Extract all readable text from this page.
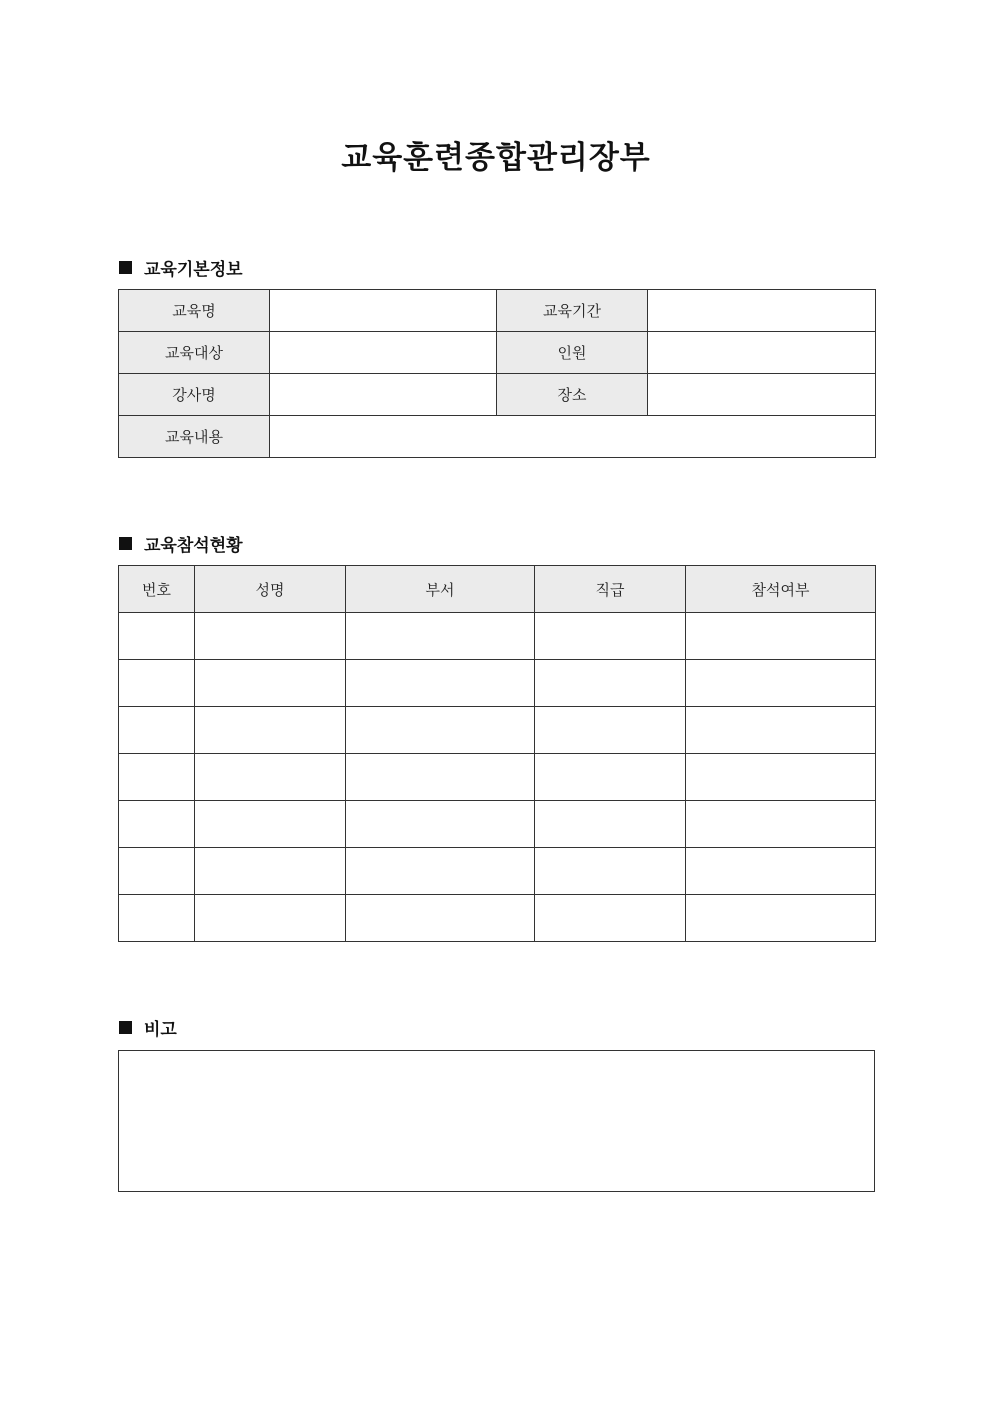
교육훈련종합관리장부
교육기본정보
교육명		교육기간	
교육대상		인원	
강사명		장소	
교육내용			
교육참석현황
번호	성명	부서	직급	참석여부

비고
